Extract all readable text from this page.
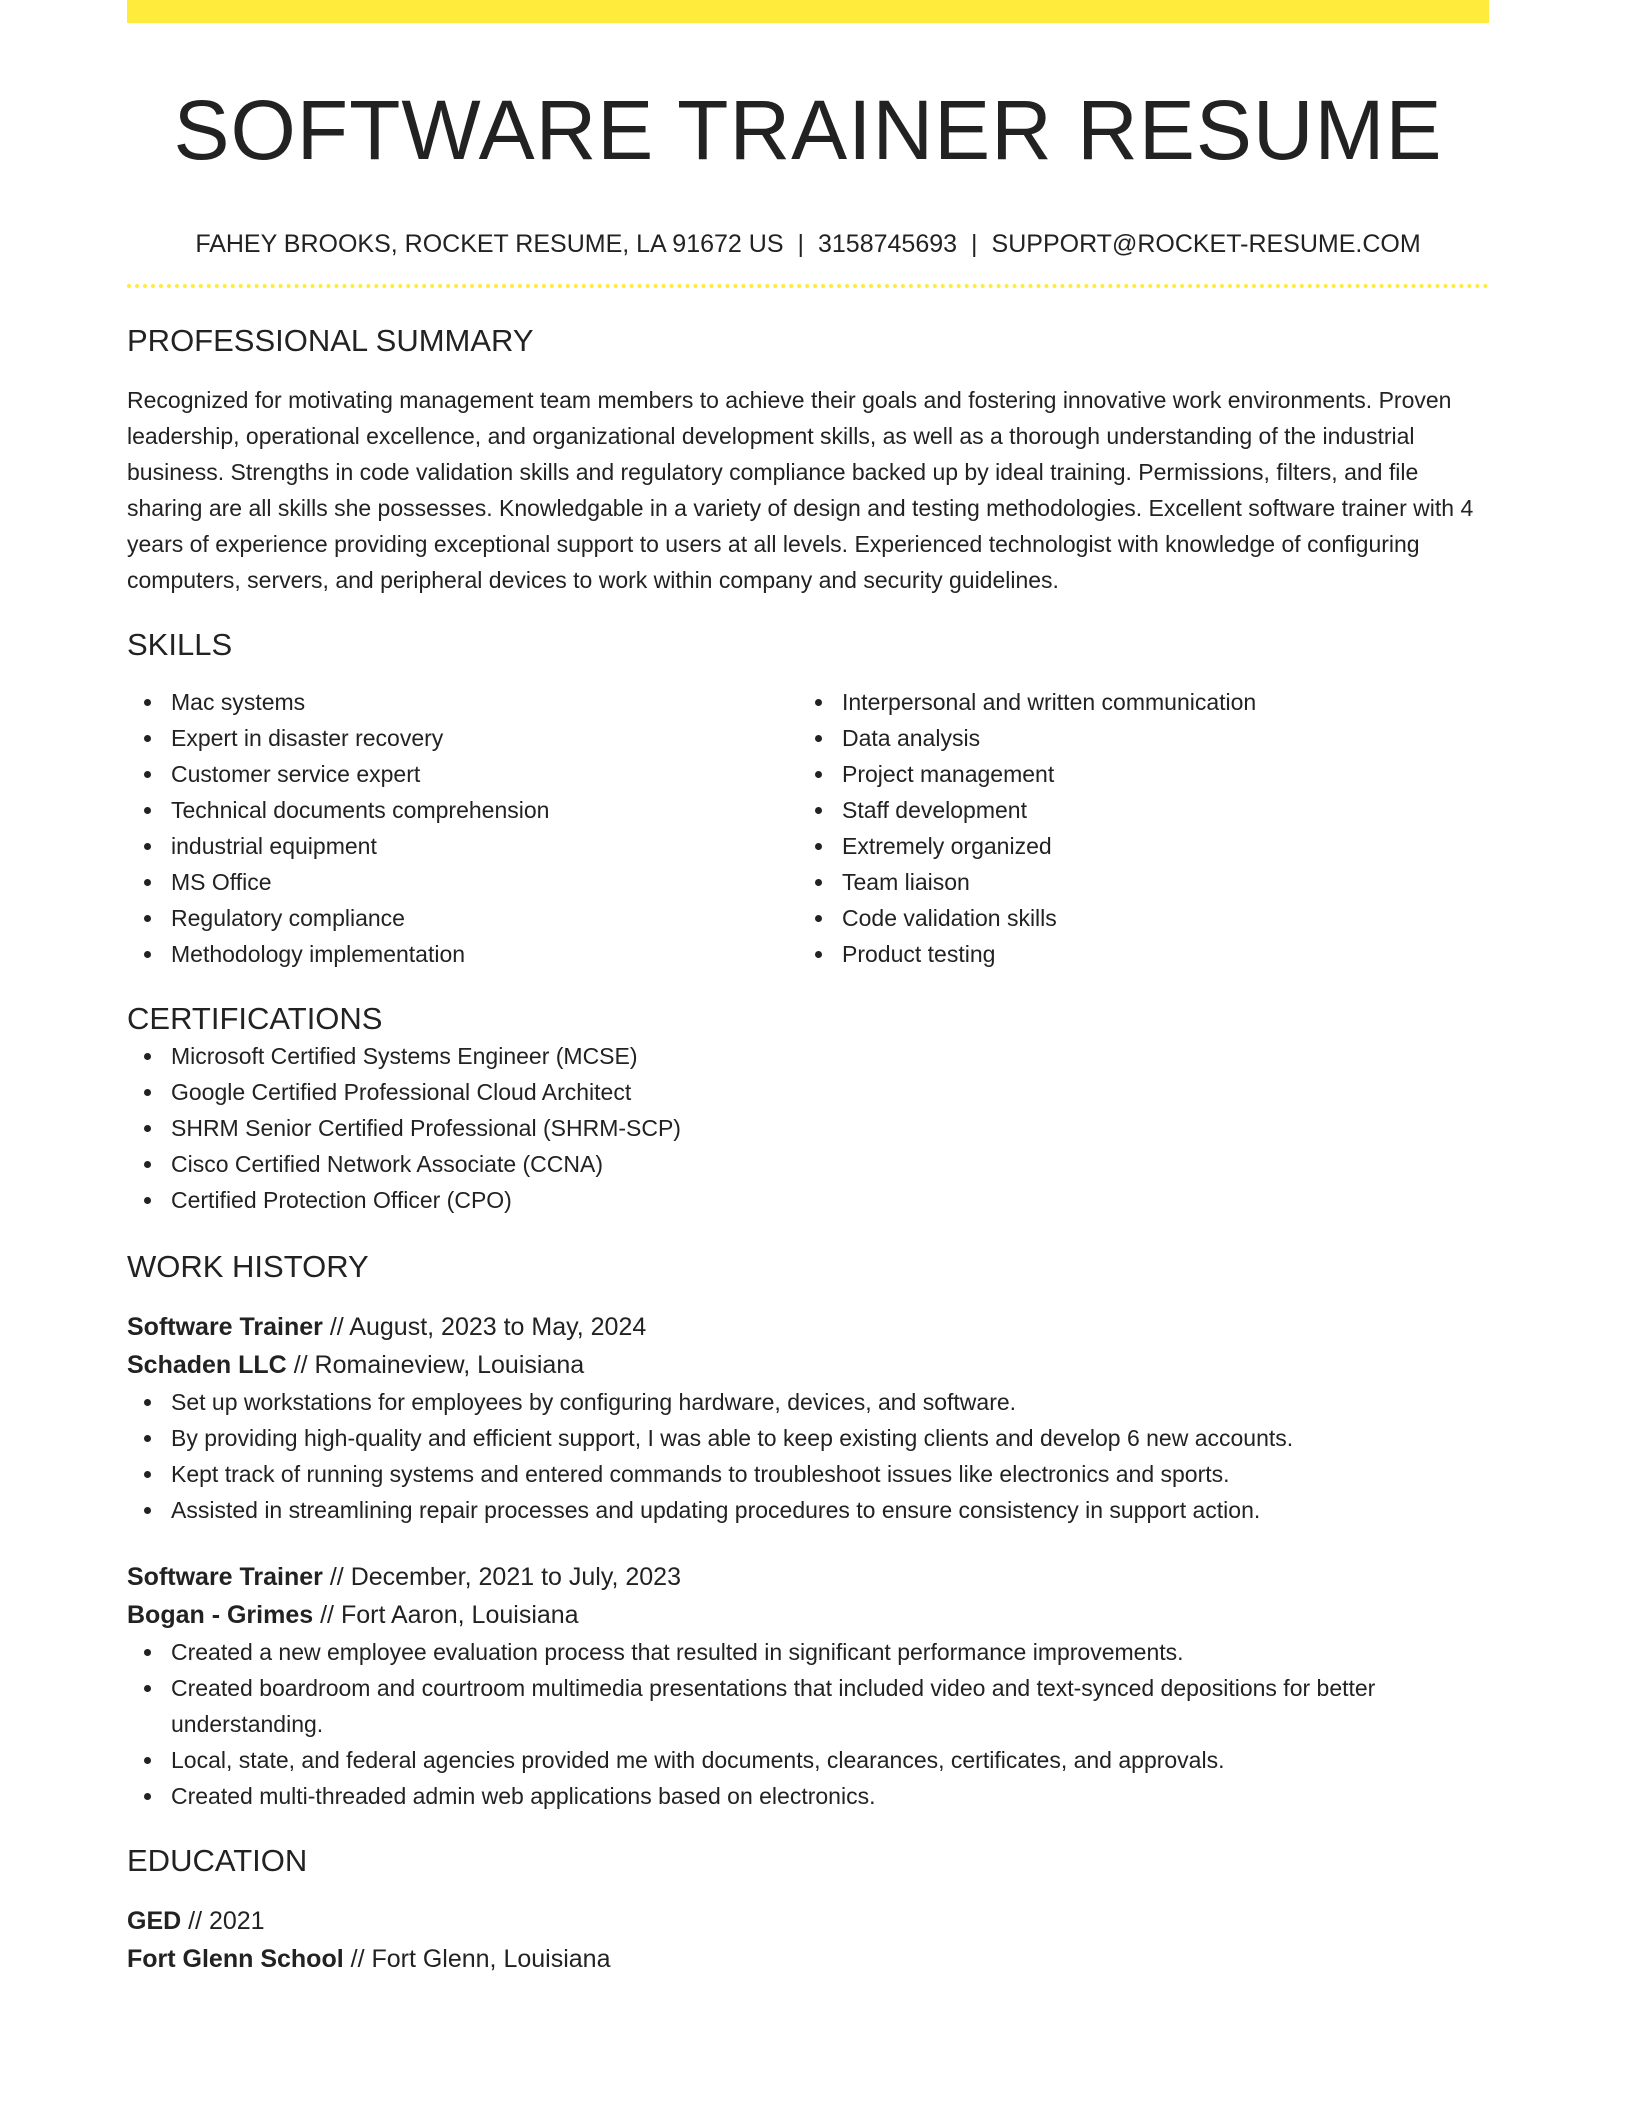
SOFTWARE TRAINER RESUME
FAHEY BROOKS, ROCKET RESUME, LA 91672 US | 3158745693 | SUPPORT@ROCKET-RESUME.COM
PROFESSIONAL SUMMARY

Recognized for motivating management team members to achieve their goals and fostering innovative work environments. Proven leadership, operational excellence, and organizational development skills, as well as a thorough understanding of the industrial business. Strengths in code validation skills and regulatory compliance backed up by ideal training. Permissions, filters, and file sharing are all skills she possesses. Knowledgable in a variety of design and testing methodologies. Excellent software trainer with 4 years of experience providing exceptional support to users at all levels. Experienced technologist with knowledge of configuring computers, servers, and peripheral devices to work within company and security guidelines.

SKILLS
Mac systems
Expert in disaster recovery
Customer service expert
Technical documents comprehension
industrial equipment
MS Office
Regulatory compliance
Methodology implementation
Interpersonal and written communication
Data analysis
Project management
Staff development
Extremely organized
Team liaison
Code validation skills
Product testing
CERTIFICATIONS
Microsoft Certified Systems Engineer (MCSE)
Google Certified Professional Cloud Architect
SHRM Senior Certified Professional (SHRM-SCP)
Cisco Certified Network Associate (CCNA)
Certified Protection Officer (CPO)
WORK HISTORY
Software Trainer // August, 2023 to May, 2024
Schaden LLC // Romaineview, Louisiana
Set up workstations for employees by configuring hardware, devices, and software.
By providing high-quality and efficient support, I was able to keep existing clients and develop 6 new accounts.
Kept track of running systems and entered commands to troubleshoot issues like electronics and sports.
Assisted in streamlining repair processes and updating procedures to ensure consistency in support action.
Software Trainer // December, 2021 to July, 2023
Bogan - Grimes // Fort Aaron, Louisiana
Created a new employee evaluation process that resulted in significant performance improvements.
Created boardroom and courtroom multimedia presentations that included video and text-synced depositions for better understanding.
Local, state, and federal agencies provided me with documents, clearances, certificates, and approvals.
Created multi-threaded admin web applications based on electronics.
EDUCATION
GED // 2021
Fort Glenn School // Fort Glenn, Louisiana
